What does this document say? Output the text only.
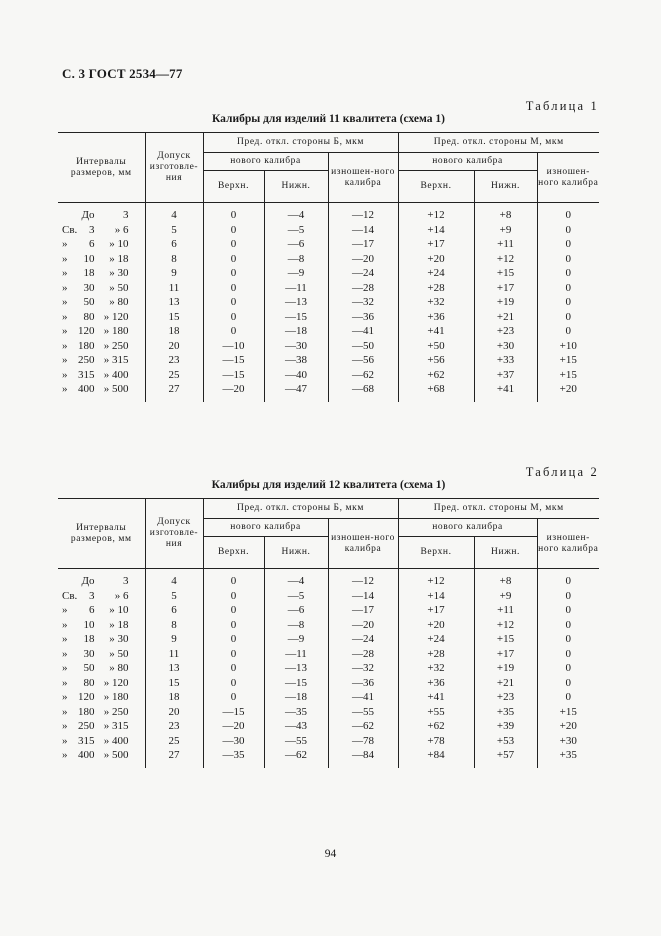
С. 3 ГОСТ 2534—77
Таблица 1
Калибры для изделий 11 квалитета (схема 1)
Интервалы размеров, мм	Допуск изготовле-ния	Пред. откл. стороны Б, мкм			Пред. откл. стороны М, мкм		
		нового калибра		изношен-ного калибра	нового калибра		изношен-ного калибра
		Верхн.	Нижн.		Верхн.	Нижн.	

До 3	4	0	—4	—12	+12	+8	0

Св. 3 » 6	5	0	—5	—14	+14	+9	0

» 6 » 10	6	0	—6	—17	+17	+11	0

» 10 » 18	8	0	—8	—20	+20	+12	0

» 18 » 30	9	0	—9	—24	+24	+15	0

» 30 » 50	11	0	—11	—28	+28	+17	0

» 50 » 80	13	0	—13	—32	+32	+19	0

» 80 » 120	15	0	—15	—36	+36	+21	0

» 120 » 180	18	0	—18	—41	+41	+23	0

» 180 » 250	20	—10	—30	—50	+50	+30	+10

» 250 » 315	23	—15	—38	—56	+56	+33	+15

» 315 » 400	25	—15	—40	—62	+62	+37	+15

» 400 » 500	27	—20	—47	—68	+68	+41	+20
Таблица 2
Калибры для изделий 12 квалитета (схема 1)
Интервалы размеров, мм	Допуск изготовле-ния	Пред. откл. стороны Б, мкм			Пред. откл. стороны М, мкм		
		нового калибра		изношен-ного калибра	нового калибра		изношен-ного калибра
		Верхн.	Нижн.		Верхн.	Нижн.	

До 3	4	0	—4	—12	+12	+8	0

Св. 3 » 6	5	0	—5	—14	+14	+9	0

» 6 » 10	6	0	—6	—17	+17	+11	0

» 10 » 18	8	0	—8	—20	+20	+12	0

» 18 » 30	9	0	—9	—24	+24	+15	0

» 30 » 50	11	0	—11	—28	+28	+17	0

» 50 » 80	13	0	—13	—32	+32	+19	0

» 80 » 120	15	0	—15	—36	+36	+21	0

» 120 » 180	18	0	—18	—41	+41	+23	0

» 180 » 250	20	—15	—35	—55	+55	+35	+15

» 250 » 315	23	—20	—43	—62	+62	+39	+20

» 315 » 400	25	—30	—55	—78	+78	+53	+30

» 400 » 500	27	—35	—62	—84	+84	+57	+35
94
